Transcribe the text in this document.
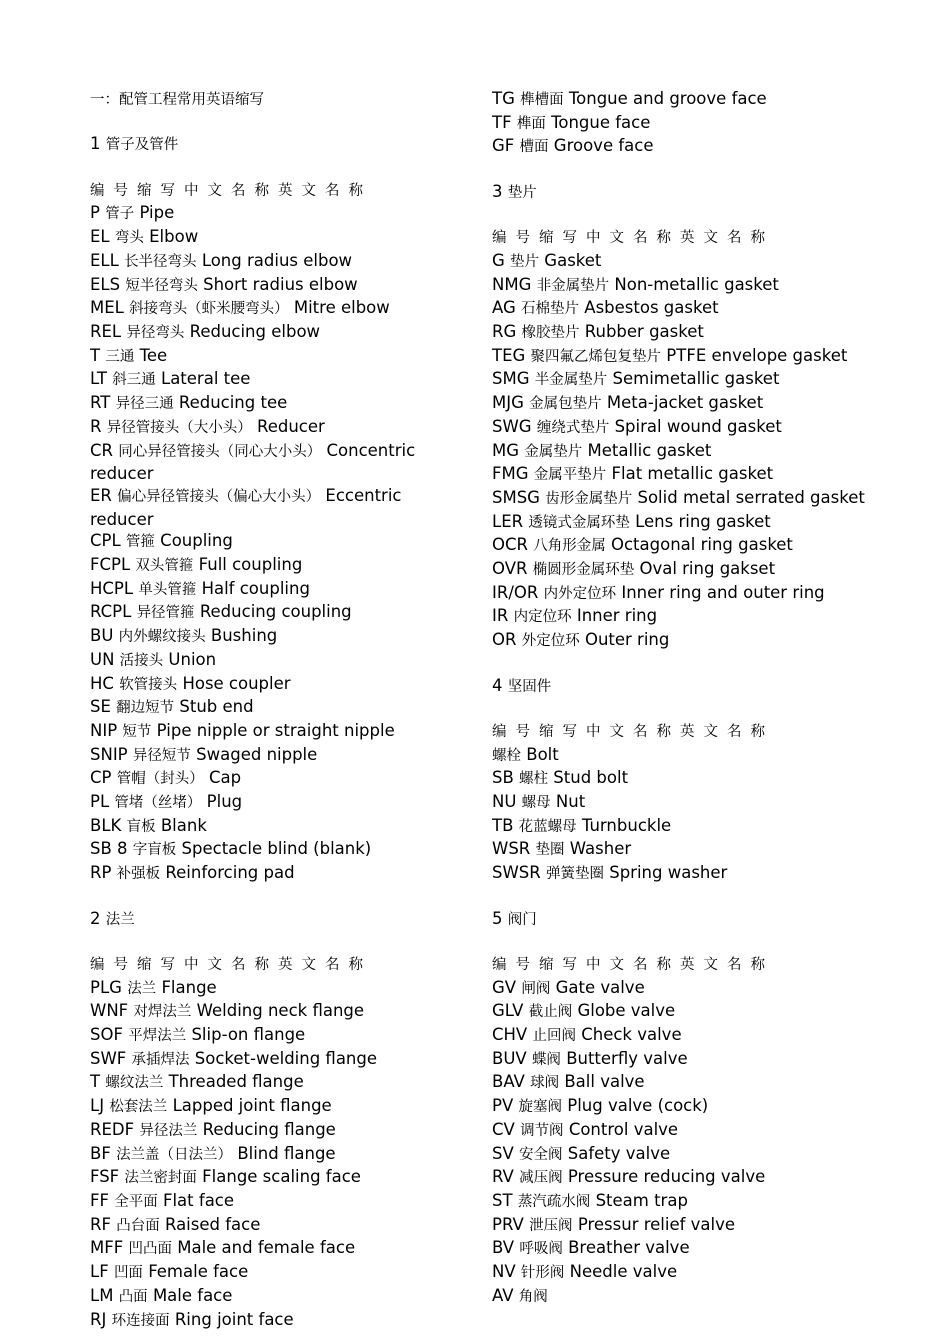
一：配管工程常用英语缩写
1 管子及管件
编号缩写中文名称英文名称
P 管子 Pipe
EL 弯头 Elbow
ELL 长半径弯头 Long radius elbow
ELS 短半径弯头 Short radius elbow
MEL 斜接弯头（虾米腰弯头） Mitre elbow
REL 异径弯头 Reducing elbow
T 三通 Tee
LT 斜三通 Lateral tee
RT 异径三通 Reducing tee
R 异径管接头（大小头） Reducer
CR 同心异径管接头（同心大小头） Concentric reducer
ER 偏心异径管接头（偏心大小头） Eccentric reducer
CPL 管箍 Coupling
FCPL 双头管箍 Full coupling
HCPL 单头管箍 Half coupling
RCPL 异径管箍 Reducing coupling
BU 内外螺纹接头 Bushing
UN 活接头 Union
HC 软管接头 Hose coupler
SE 翻边短节 Stub end
NIP 短节 Pipe nipple or straight nipple
SNIP 异径短节 Swaged nipple
CP 管帽（封头） Cap
PL 管堵（丝堵） Plug
BLK 盲板 Blank
SB 8 字盲板 Spectacle blind (blank)
RP 补强板 Reinforcing pad
2 法兰
编号缩写中文名称英文名称
PLG 法兰 Flange
WNF 对焊法兰 Welding neck flange
SOF 平焊法兰 Slip-on flange
SWF 承插焊法 Socket-welding flange
T 螺纹法兰 Threaded flange
LJ 松套法兰 Lapped joint flange
REDF 异径法兰 Reducing flange
BF 法兰盖（日法兰） Blind flange
FSF 法兰密封面 Flange scaling face
FF 全平面 Flat face
RF 凸台面 Raised face
MFF 凹凸面 Male and female face
LF 凹面 Female face
LM 凸面 Male face
RJ 环连接面 Ring joint face
TG 榫槽面 Tongue and groove face
TF 榫面 Tongue face
GF 槽面 Groove face
3 垫片
编号缩写中文名称英文名称
G 垫片 Gasket
NMG 非金属垫片 Non-metallic gasket
AG 石棉垫片 Asbestos gasket
RG 橡胶垫片 Rubber gasket
TEG 聚四氟乙烯包复垫片 PTFE envelope gasket
SMG 半金属垫片 Semimetallic gasket
MJG 金属包垫片 Meta-jacket gasket
SWG 缠绕式垫片 Spiral wound gasket
MG 金属垫片 Metallic gasket
FMG 金属平垫片 Flat metallic gasket
SMSG 齿形金属垫片 Solid metal serrated gasket
LER 透镜式金属环垫 Lens ring gasket
OCR 八角形金属 Octagonal ring gasket
OVR 椭圆形金属环垫 Oval ring gakset
IR/OR 内外定位环 Inner ring and outer ring
IR 内定位环 Inner ring
OR 外定位环 Outer ring
4 坚固件
编号缩写中文名称英文名称
螺栓 Bolt
SB 螺柱 Stud bolt
NU 螺母 Nut
TB 花蓝螺母 Turnbuckle
WSR 垫圈 Washer
SWSR 弹簧垫圈 Spring washer
5 阀门
编号缩写中文名称英文名称
GV 闸阀 Gate valve
GLV 截止阀 Globe valve
CHV 止回阀 Check valve
BUV 蝶阀 Butterfly valve
BAV 球阀 Ball valve
PV 旋塞阀 Plug valve (cock)
CV 调节阀 Control valve
SV 安全阀 Safety valve
RV 减压阀 Pressure reducing valve
ST 蒸汽疏水阀 Steam trap
PRV 泄压阀 Pressur relief valve
BV 呼吸阀 Breather valve
NV 针形阀 Needle valve
AV 角阀
